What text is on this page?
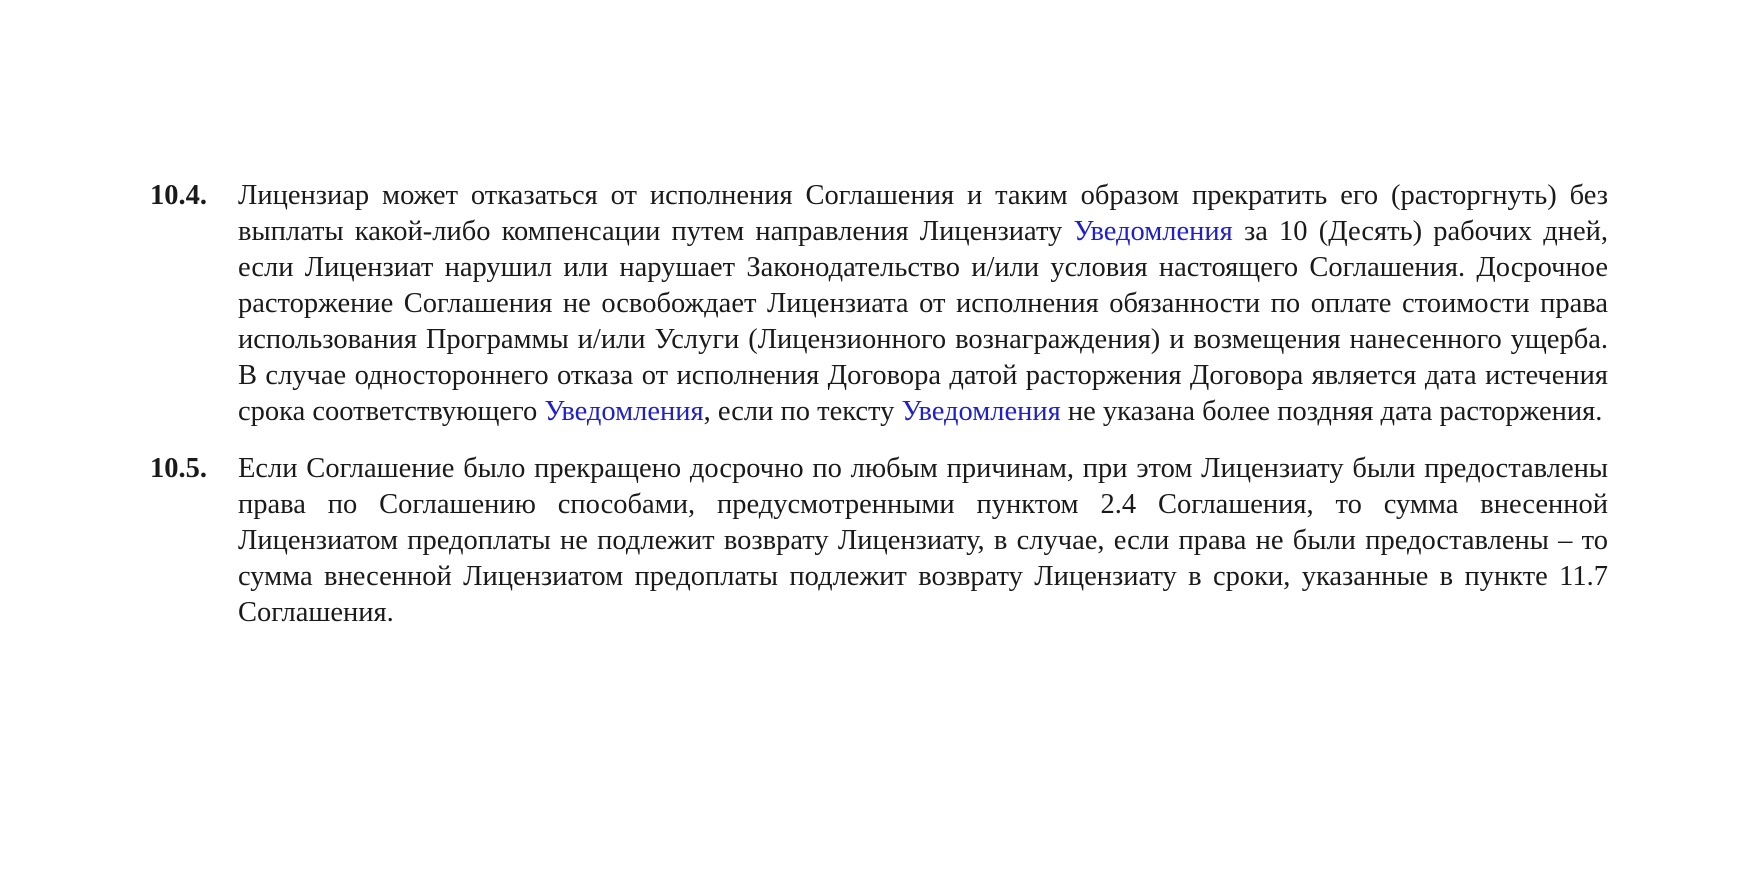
10.4.	Лицензиар может отказаться от исполнения Соглашения и таким образом прекратить его (расторгнуть) без выплаты какой-либо компенсации путем направления Лицензиату Уведомления за 10 (Десять) рабочих дней, если Лицензиат нарушил или нарушает Законодательство и/или условия настоящего Соглашения. Досрочное расторжение Соглашения не освобождает Лицензиата от исполнения обязанности по оплате стоимости права использования Программы и/или Услуги (Лицензионного вознаграждения) и возмещения нанесенного ущерба. В случае одностороннего отказа от исполнения Договора датой расторжения Договора является дата истечения срока соответствующего Уведомления, если по тексту Уведомления не указана более поздняя дата расторжения.
10.5.	Если Соглашение было прекращено досрочно по любым причинам, при этом Лицензиату были предоставлены права по Соглашению способами, предусмотренными пунктом 2.4 Соглашения, то сумма внесенной Лицензиатом предоплаты не подлежит возврату Лицензиату, в случае, если права не были предоставлены – то сумма внесенной Лицензиатом предоплаты подлежит возврату Лицензиату в сроки, указанные в пункте 11.7 Соглашения.
